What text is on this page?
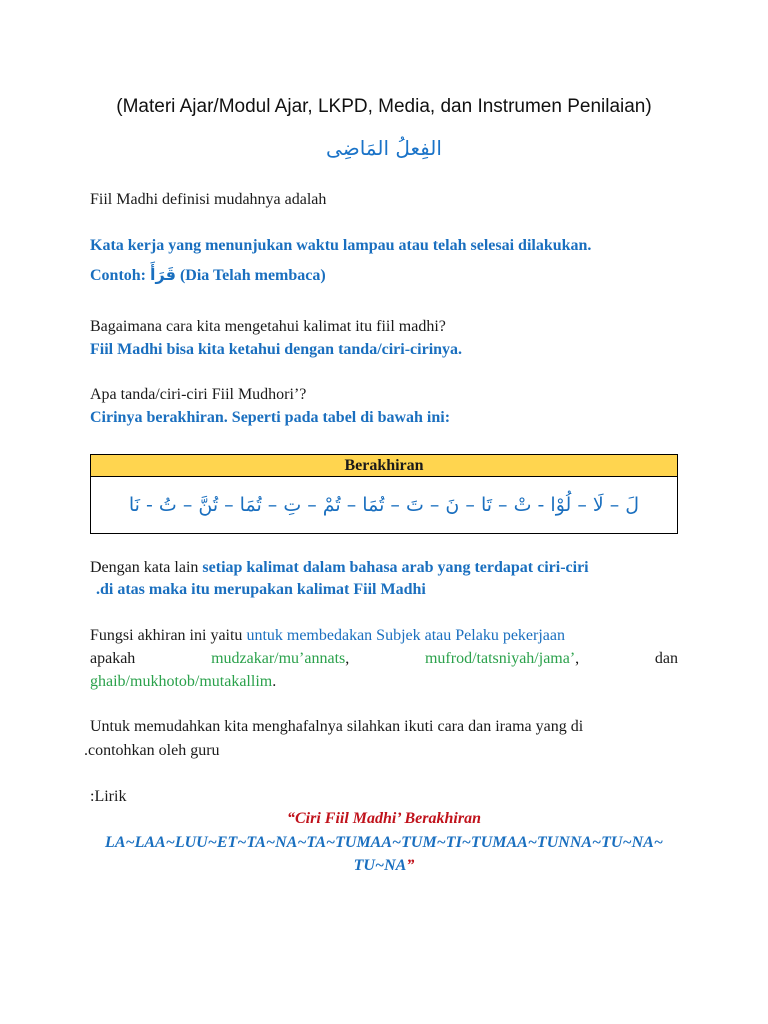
(Materi Ajar/Modul Ajar, LKPD, Media, dan Instrumen Penilaian)
الفِعلُ المَاضِى
Fiil Madhi definisi mudahnya adalah
Kata kerja yang menunjukan waktu lampau atau telah selesai dilakukan.
Contoh: قَرَأَ (Dia Telah membaca)
Bagaimana cara kita mengetahui kalimat itu fiil madhi?
Fiil Madhi bisa kita ketahui dengan tanda/ciri-cirinya.
Apa tanda/ciri-ciri Fiil Mudhori’?
Cirinya berakhiran. Seperti pada tabel di bawah ini:
Berakhiran
لَ – لَا – لُوْا - تْ – تَا – نَ – تَ – تُمَا – تُمْ – تِ – تُمَا – تُنَّ – تُ - نَا
Dengan kata lain setiap kalimat dalam bahasa arab yang terdapat ciri-ciri
.di atas maka itu merupakan kalimat Fiil Madhi
Fungsi akhiran ini yaitu untuk membedakan Subjek atau Pelaku pekerjaan
apakah	mudzakar/mu’annats,	mufrod/tatsniyah/jama’,	dan
ghaib/mukhotob/mutakallim.
Untuk memudahkan kita menghafalnya silahkan ikuti cara dan irama yang di
.contohkan oleh guru
:Lirik
“Ciri Fiil Madhi’ Berakhiran
LA~LAA~LUU~ET~TA~NA~TA~TUMAA~TUM~TI~TUMAA~TUNNA~TU~NA~
TU~NA”
